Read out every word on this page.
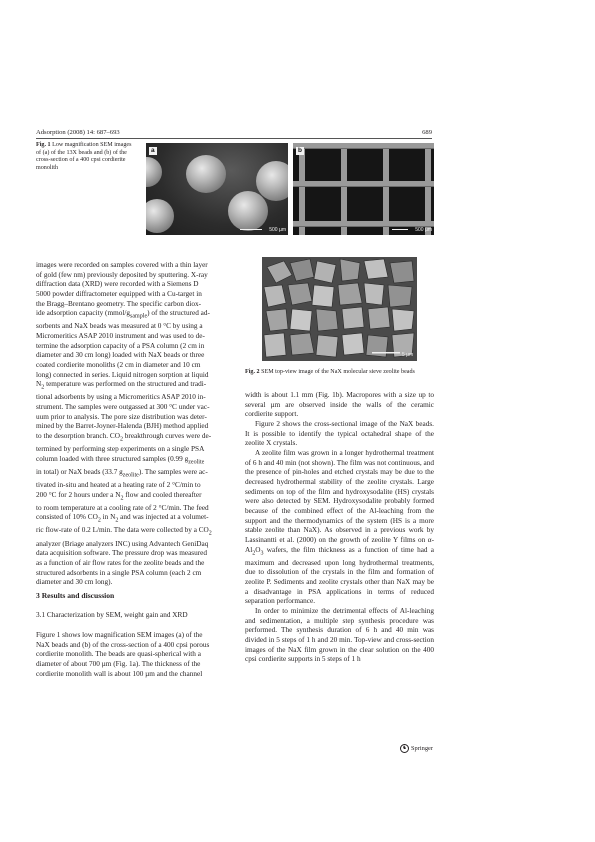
Adsorption (2008) 14: 687–693	689
Fig. 1 Low magnification SEM images of (a) of the 13X beads and (b) of the cross-section of a 400 cpsi cordierite monolith
a
500 µm
b
500 µm

images were recorded on samples covered with a thin layer

of gold (few nm) previously deposited by sputtering. X-ray

diffraction data (XRD) were recorded with a Siemens D

5000 powder diffractometer equipped with a Cu-target in

the Bragg–Brentano geometry. The specific carbon diox-

ide adsorption capacity $(mmol/g_{sample})$ of the structured ad-

sorbents and NaX beads was measured at 0 °C by using a

Micromeritics ASAP 2010 instrument and was used to de-

termine the adsorption capacity of a PSA column (2 cm in

diameter and 30 cm long) loaded with NaX beads or three

coated cordierite monoliths (2 cm in diameter and 10 cm

long) connected in series. Liquid nitrogen sorption at liquid

$N_2$ temperature was performed on the structured and tradi-

tional adsorbents by using a Micromeritics ASAP 2010 in-

strument. The samples were outgassed at 300 °C under vac-

uum prior to analysis. The pore size distribution was deter-

mined by the Barret-Joyner-Halenda (BJH) method applied

to the desorption branch. $CO_2$ breakthrough curves were de-

termined by performing step experiments on a single PSA

column loaded with three structured samples (0.99 $g_{zeolite}$

in total) or NaX beads (33.7 $g_{zeolite}$). The samples were ac-

tivated in-situ and heated at a heating rate of 2 °C/min to

200 °C for 2 hours under a $N_2$ flow and cooled thereafter

to room temperature at a cooling rate of 2 °C/min. The feed

consisted of 10% $CO_2$ in $N_2$ and was injected at a volumet-

ric flow-rate of 0.2 L/min. The data were collected by a $CO_2$

analyzer (Briage analyzers INC) using Advantech GeniDaq

data acquisition software. The pressure drop was measured

as a function of air flow rates for the zeolite beads and the

structured adsorbents in a single PSA column (each 2 cm

diameter and 30 cm long).

3 Results and discussion
3.1 Characterization by SEM, weight gain and XRD

Figure 1 shows low magnification SEM images (a) of the

NaX beads and (b) of the cross-section of a 400 cpsi porous

cordierite monolith. The beads are quasi-spherical with a

diameter of about 700 µm (Fig. 1a). The thickness of the

cordierite monolith wall is about 100 µm and the channel

5 µm
Fig. 2 SEM top-view image of the NaX molecular sieve zeolite beads

width is about 1.1 mm (Fig. 1b). Macropores with a size up to several µm are observed inside the walls of the ceramic cordierite support.

Figure 2 shows the cross-sectional image of the NaX beads. It is possible to identify the typical octahedral shape of the zeolite X crystals.

A zeolite film was grown in a longer hydrothermal treatment of 6 h and 40 min (not shown). The film was not continuous, and the presence of pin-holes and etched crystals may be due to the decreased hydrothermal stability of the zeolite crystals. Large sediments on top of the film and hydroxysodalite (HS) crystals were also detected by SEM. Hydroxysodalite probably formed because of the combined effect of the Al-leaching from the support and the thermodynamics of the system (HS is a more stable zeolite than NaX). As observed in a previous work by Lassinantti et al. (2000) on the growth of zeolite Y films on $\alpha-Al_2O_3$ wafers, the film thickness as a function of time had a maximum and decreased upon long hydrothermal treatments, due to dissolution of the crystals in the film and formation of zeolite P. Sediments and zeolite crystals other than NaX may be a disadvantage in PSA applications in terms of reduced separation performance.

In order to minimize the detrimental effects of Al-leaching and sedimentation, a multiple step synthesis procedure was performed. The synthesis duration of 6 h and 40 min was divided in 5 steps of 1 h and 20 min. Top-view and cross-section images of the NaX film grown in the clear solution on the 400 cpsi cordierite supports in 5 steps of 1 h

♞ Springer
